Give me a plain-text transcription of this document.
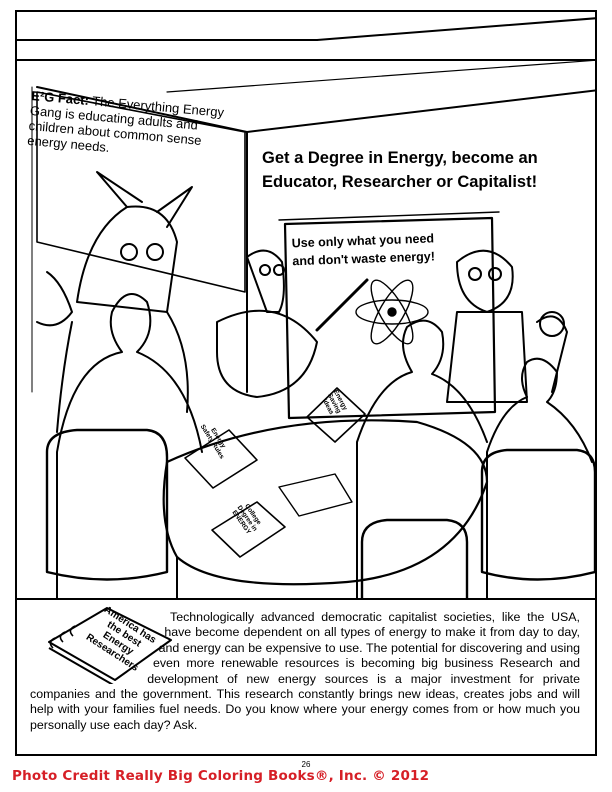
E²G Fact: The Everything Energy Gang is educating adults and children about common sense energy needs.
Get a Degree in Energy, become an
Educator, Researcher or Capitalist!
Use only what you need
and don't waste energy!
Energy Safety Rules
Energy Saving Ideas
College Degree in ENERGY
America has the best Energy Researchers
Technologically advanced democratic capitalist societies, like the USA, have become dependent on all types of energy to make it from day to day, and energy can be expensive to use. The potential for discovering and using even more renewable resources is becoming big business Research and development of new energy sources is a major investment for private companies and the government. This research constantly brings new ideas, creates jobs and will help with your families fuel needs. Do you know where your energy comes from or how much you personally use each day? Ask.
26
Photo Credit Really Big Coloring Books®, Inc. © 2012
